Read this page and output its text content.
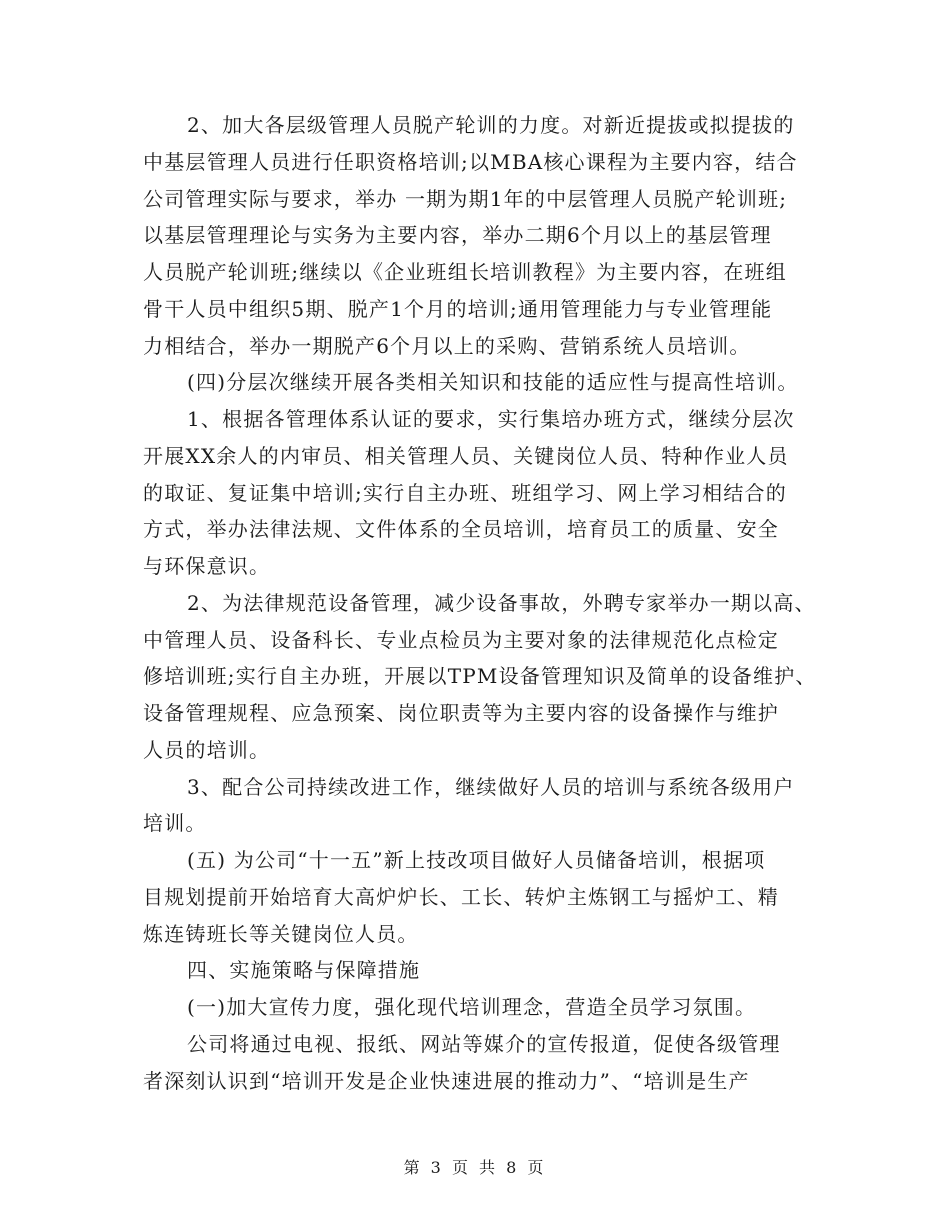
2、加大各层级管理人员脱产轮训的力度。对新近提拔或拟提拔的
中基层管理人员进行任职资格培训;以MBA核心课程为主要内容，结合
公司管理实际与要求，举办 一期为期1年的中层管理人员脱产轮训班;
以基层管理理论与实务为主要内容，举办二期6个月以上的基层管理
人员脱产轮训班;继续以《企业班组长培训教程》为主要内容，在班组
骨干人员中组织5期、脱产1个月的培训;通用管理能力与专业管理能
力相结合，举办一期脱产6个月以上的采购、营销系统人员培训。
(四)分层次继续开展各类相关知识和技能的适应性与提高性培训。
1、根据各管理体系认证的要求，实行集培办班方式，继续分层次
开展XX余人的内审员、相关管理人员、关键岗位人员、特种作业人员
的取证、复证集中培训;实行自主办班、班组学习、网上学习相结合的
方式，举办法律法规、文件体系的全员培训，培育员工的质量、安全
与环保意识。
2、为法律规范设备管理，减少设备事故，外聘专家举办一期以高、
中管理人员、设备科长、专业点检员为主要对象的法律规范化点检定
修培训班;实行自主办班，开展以TPM设备管理知识及简单的设备维护、
设备管理规程、应急预案、岗位职责等为主要内容的设备操作与维护
人员的培训。
3、配合公司持续改进工作，继续做好人员的培训与系统各级用户
培训。
(五) 为公司“十一五”新上技改项目做好人员储备培训，根据项
目规划提前开始培育大高炉炉长、工长、转炉主炼钢工与摇炉工、精
炼连铸班长等关键岗位人员。
四、实施策略与保障措施
(一)加大宣传力度，强化现代培训理念，营造全员学习氛围。
公司将通过电视、报纸、网站等媒介的宣传报道，促使各级管理
者深刻认识到“培训开发是企业快速进展的推动力”、“培训是生产
第 3 页 共 8 页
